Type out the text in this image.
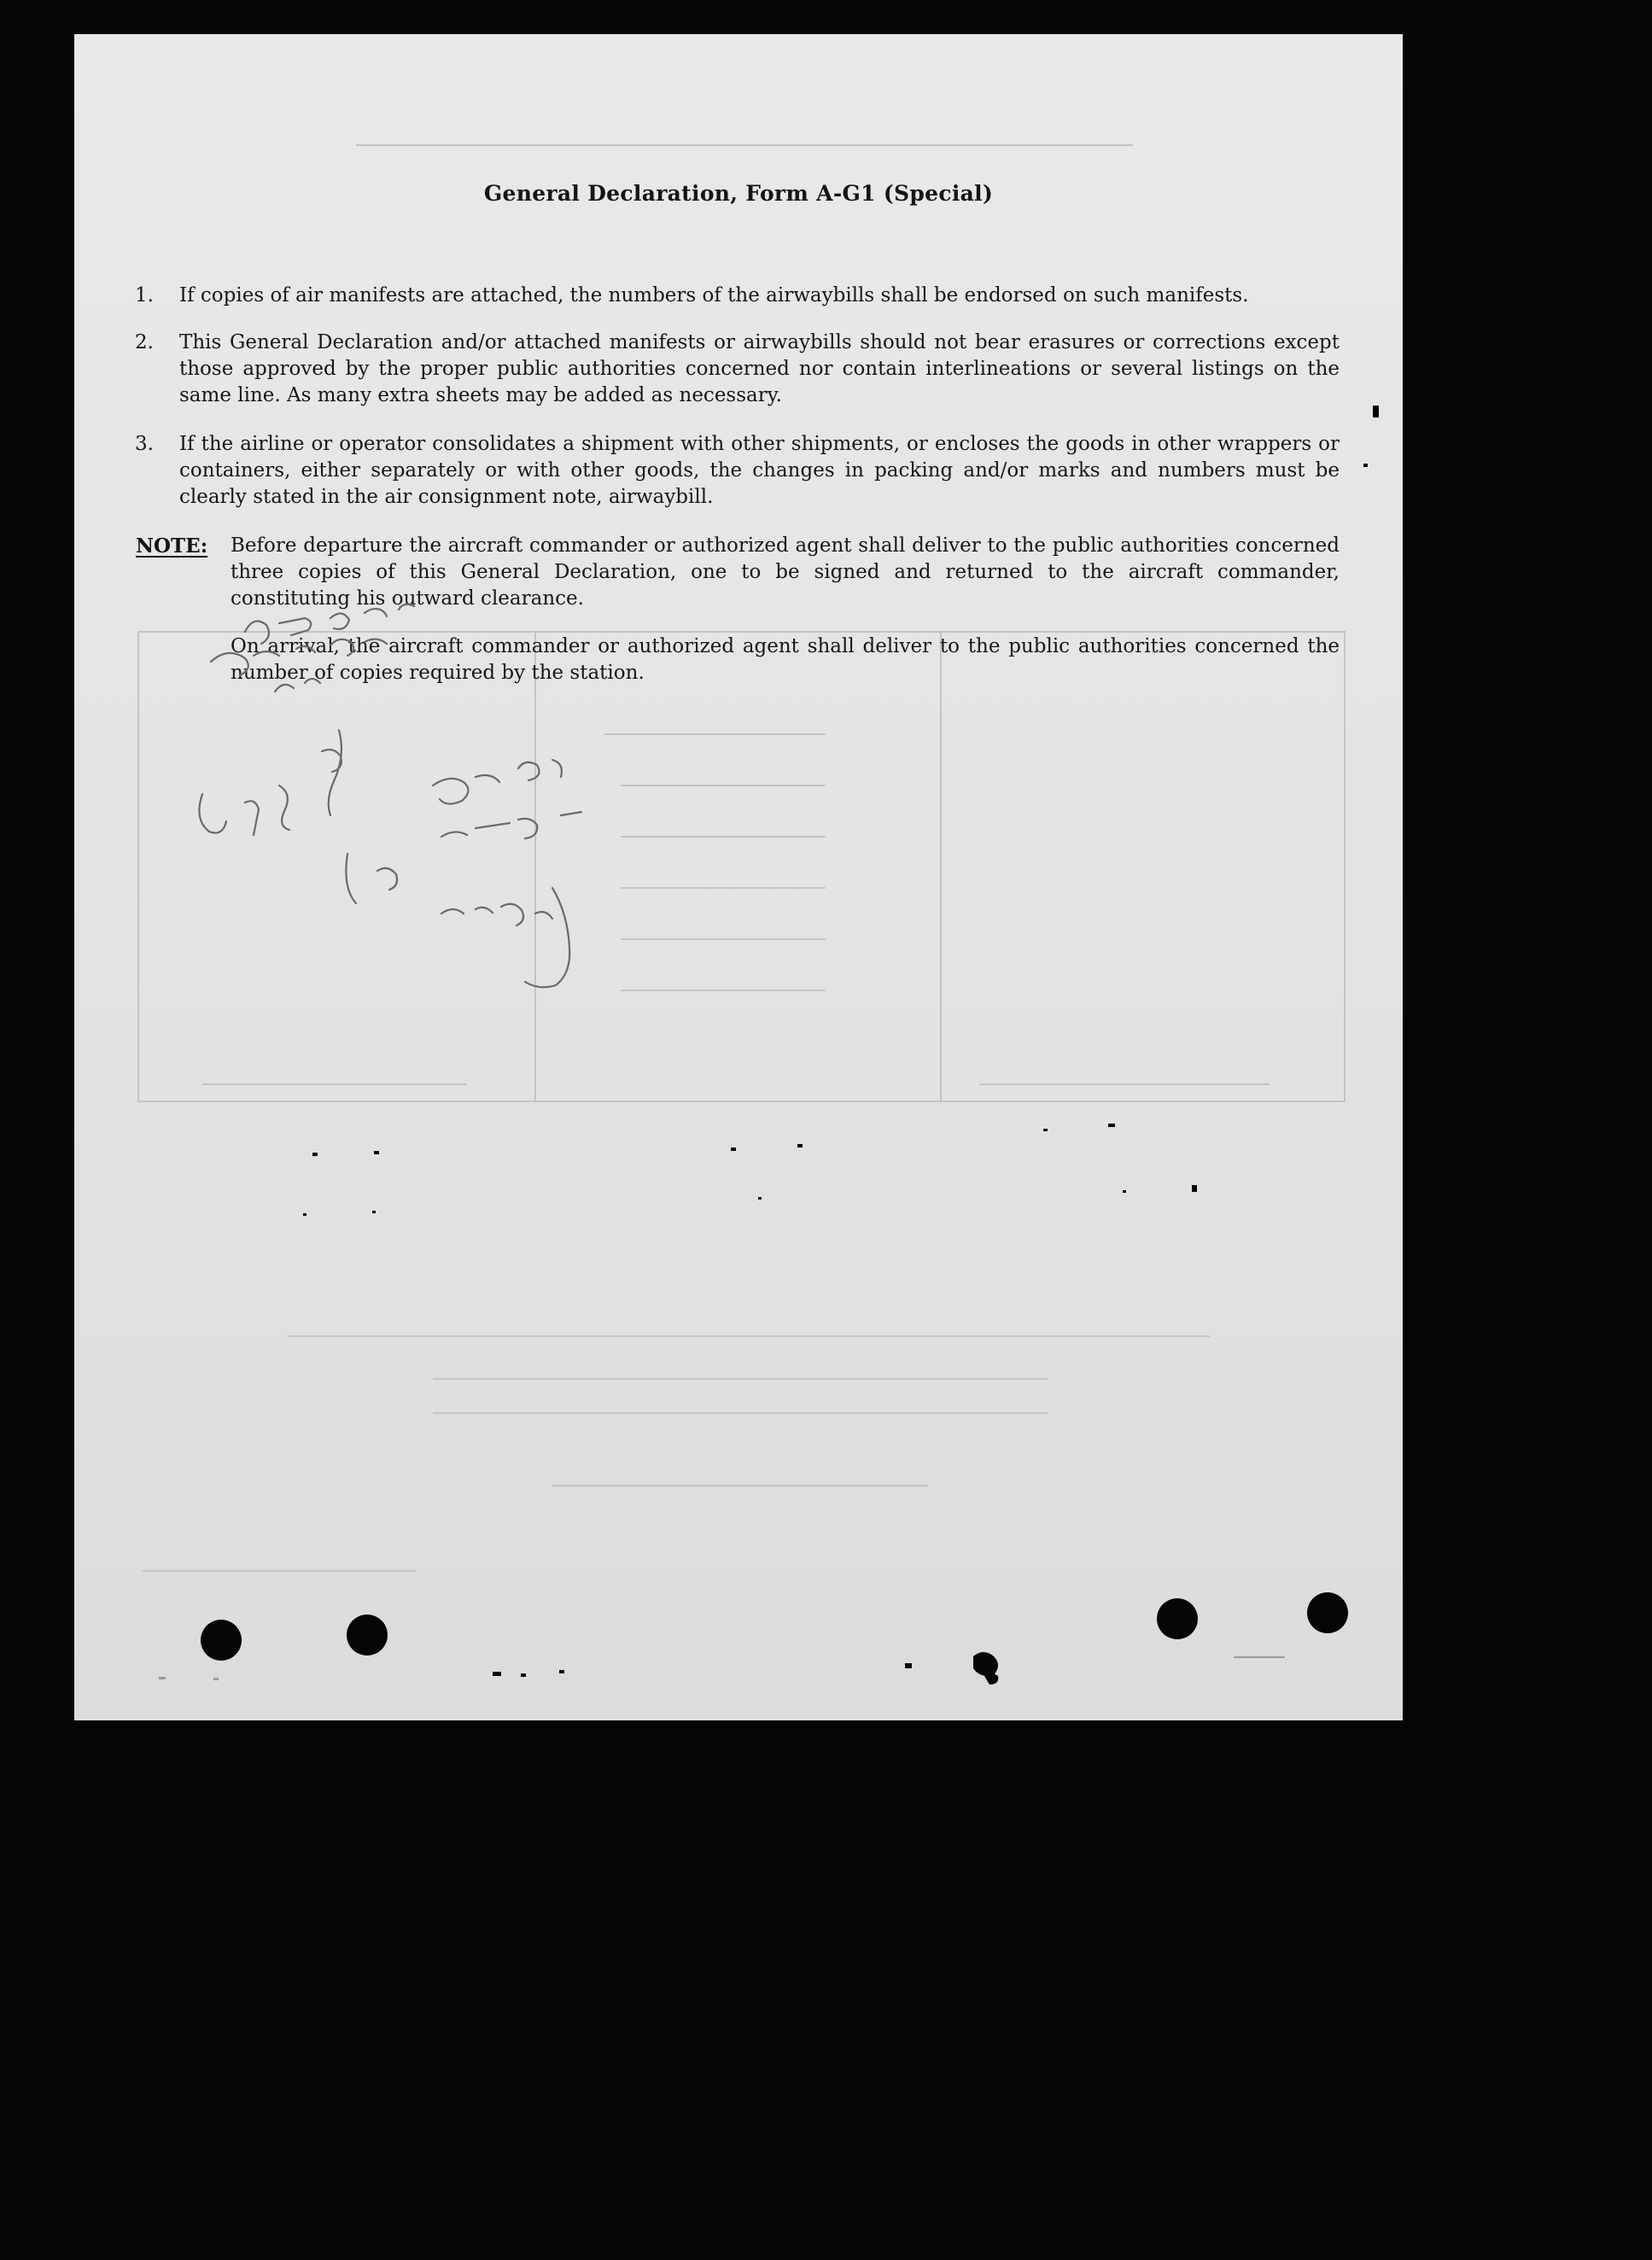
General Declaration, Form A-G1 (Special)
1.	If copies of air manifests are attached, the numbers of the airwaybills shall be endorsed on such manifests.
2.	This General Declaration and/or attached manifests or airwaybills should not bear erasures or corrections except those approved by the proper public authorities concerned nor contain interlineations or several listings on the same line. As many extra sheets may be added as necessary.
3.	If the airline or operator consolidates a shipment with other shipments, or encloses the goods in other wrappers or containers, either separately or with other goods, the changes in packing and/or marks and numbers must be clearly stated in the air consignment note, airwaybill.
NOTE: Before departure the aircraft commander or authorized agent shall deliver to the public authorities concerned three copies of this General Declaration, one to be signed and returned to the aircraft commander, constituting his outward clearance.
On arrival, the aircraft commander or authorized agent shall deliver to the public authorities concerned the number of copies required by the station.
